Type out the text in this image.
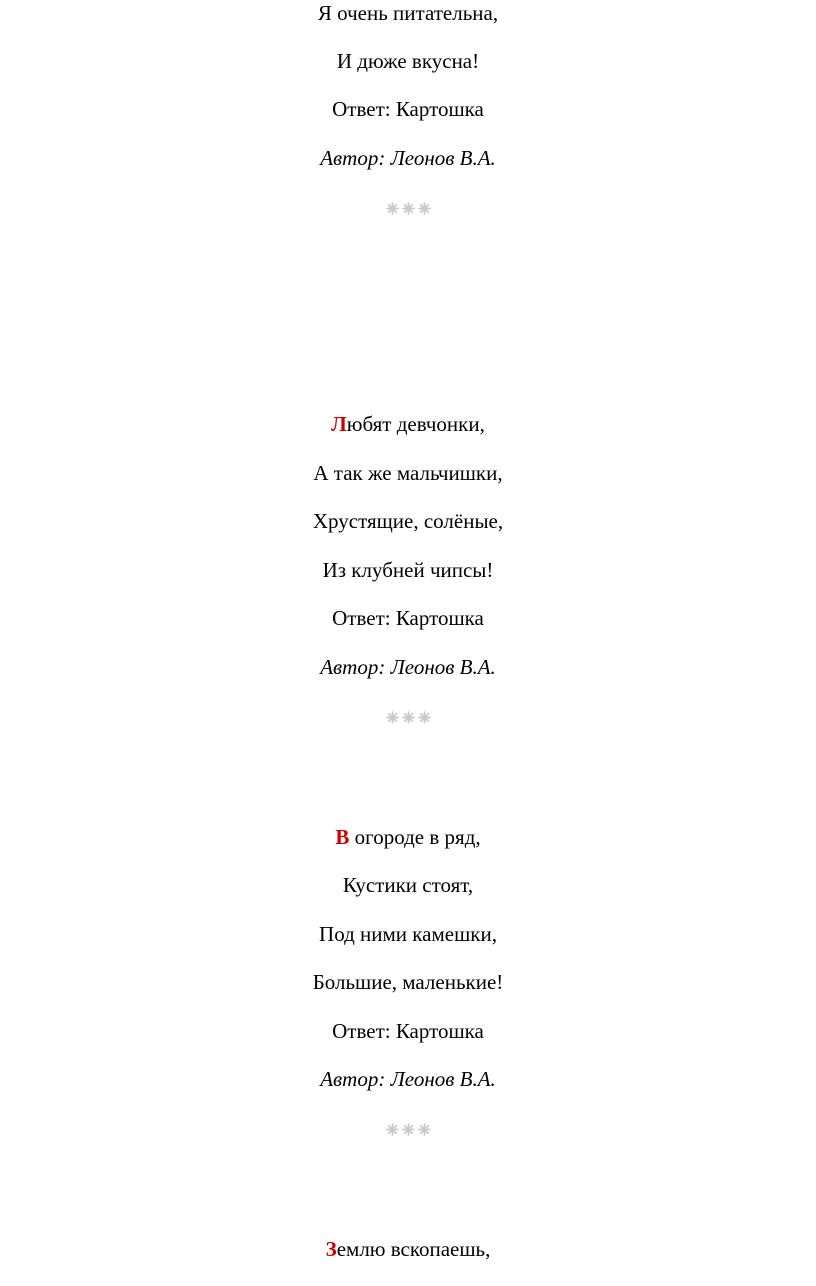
Я очень питательна,
И дюже вкусна!
Ответ: Картошка
Автор: Леонов В.А.
Любят девчонки,
А так же мальчишки,
Хрустящие, солёные,
Из клубней чипсы!
Ответ: Картошка
Автор: Леонов В.А.
В огороде в ряд,
Кустики стоят,
Под ними камешки,
Большие, маленькие!
Ответ: Картошка
Автор: Леонов В.А.
Землю вскопаешь,
